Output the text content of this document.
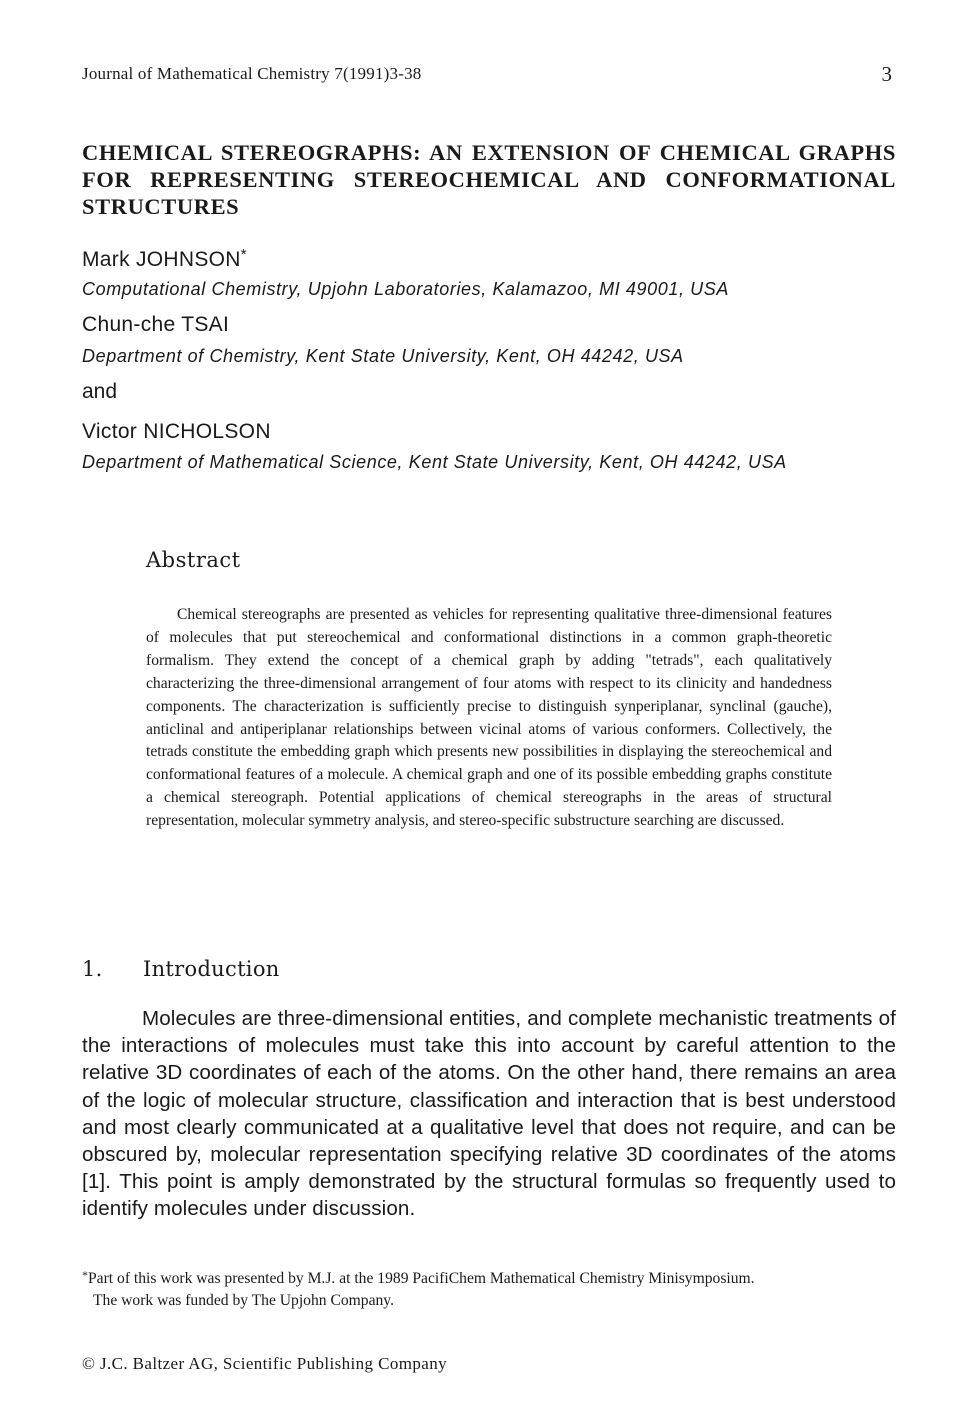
Journal of Mathematical Chemistry 7(1991)3-38	3
CHEMICAL STEREOGRAPHS: AN EXTENSION OF CHEMICAL GRAPHS FOR REPRESENTING STEREOCHEMICAL AND CONFORMATIONAL STRUCTURES
Mark JOHNSON*
Computational Chemistry, Upjohn Laboratories, Kalamazoo, MI 49001, USA
Chun-che TSAI
Department of Chemistry, Kent State University, Kent, OH 44242, USA
and
Victor NICHOLSON
Department of Mathematical Science, Kent State University, Kent, OH 44242, USA
Abstract

Chemical stereographs are presented as vehicles for representing qualitative three-dimensional features of molecules that put stereochemical and conformational distinctions in a common graph-theoretic formalism. They extend the concept of a chemical graph by adding "tetrads", each qualitatively characterizing the three-dimensional arrangement of four atoms with respect to its clinicity and handedness components. The characterization is sufficiently precise to distinguish synperiplanar, synclinal (gauche), anticlinal and antiperiplanar relationships between vicinal atoms of various conformers. Collectively, the tetrads constitute the embedding graph which presents new possibilities in displaying the stereochemical and conformational features of a molecule. A chemical graph and one of its possible embedding graphs constitute a chemical stereograph. Potential applications of chemical stereographs in the areas of structural representation, molecular symmetry analysis, and stereo-specific substructure searching are discussed.

1. Introduction

Molecules are three-dimensional entities, and complete mechanistic treatments of the interactions of molecules must take this into account by careful attention to the relative 3D coordinates of each of the atoms. On the other hand, there remains an area of the logic of molecular structure, classification and interaction that is best understood and most clearly communicated at a qualitative level that does not require, and can be obscured by, molecular representation specifying relative 3D coordinates of the atoms [1]. This point is amply demonstrated by the structural formulas so frequently used to identify molecules under discussion.

*Part of this work was presented by M.J. at the 1989 PacifiChem Mathematical Chemistry Minisymposium.
The work was funded by The Upjohn Company.

© J.C. Baltzer AG, Scientific Publishing Company
